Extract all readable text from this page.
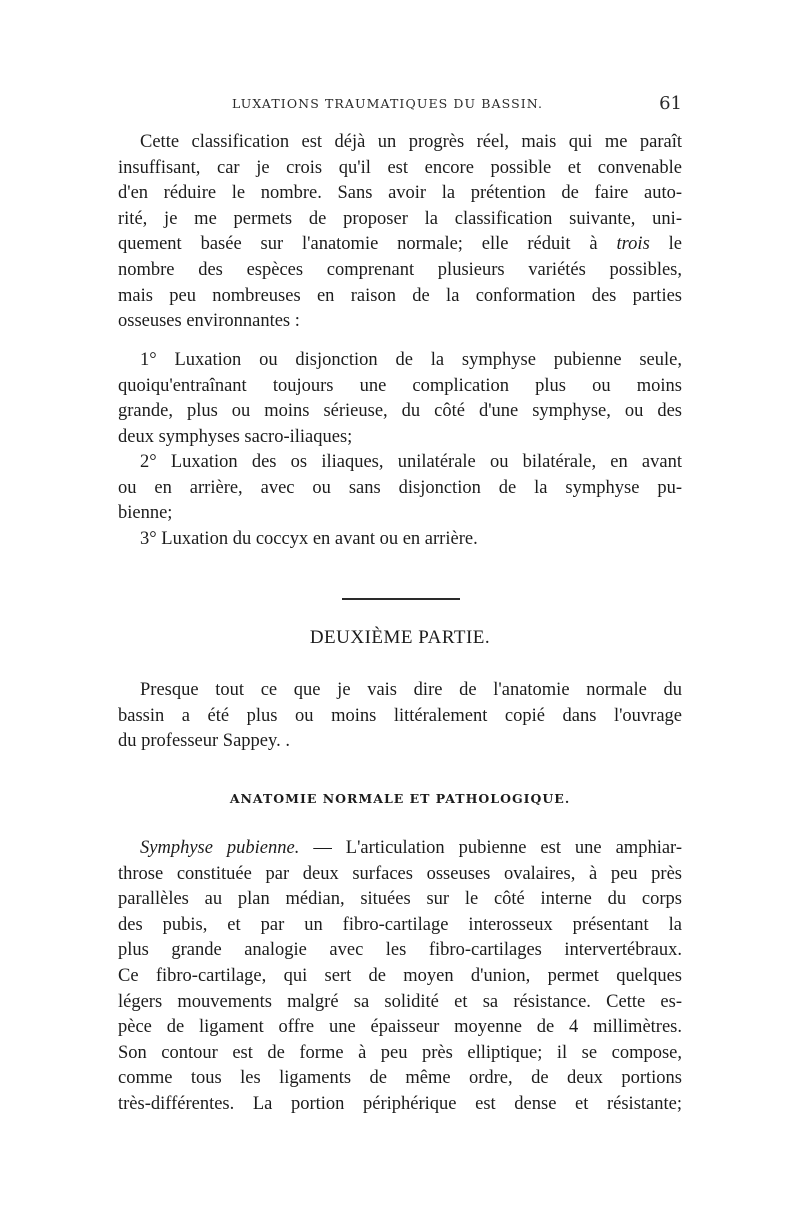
LUXATIONS TRAUMATIQUES DU BASSIN.	61
Cette classification est déjà un progrès réel, mais qui me paraît
insuffisant, car je crois qu'il est encore possible et convenable
d'en réduire le nombre. Sans avoir la prétention de faire auto-
rité, je me permets de proposer la classification suivante, uni-
quement basée sur l'anatomie normale; elle réduit à trois le
nombre des espèces comprenant plusieurs variétés possibles,
mais peu nombreuses en raison de la conformation des parties
osseuses environnantes :
1° Luxation ou disjonction de la symphyse pubienne seule,
quoiqu'entraînant toujours une complication plus ou moins
grande, plus ou moins sérieuse, du côté d'une symphyse, ou des
deux symphyses sacro-iliaques;
2° Luxation des os iliaques, unilatérale ou bilatérale, en avant
ou en arrière, avec ou sans disjonction de la symphyse pu-
bienne;
3° Luxation du coccyx en avant ou en arrière.
DEUXIÈME PARTIE.
Presque tout ce que je vais dire de l'anatomie normale du
bassin a été plus ou moins littéralement copié dans l'ouvrage
du professeur Sappey. .
ANATOMIE NORMALE ET PATHOLOGIQUE.
Symphyse pubienne. — L'articulation pubienne est une amphiar-
throse constituée par deux surfaces osseuses ovalaires, à peu près
parallèles au plan médian, situées sur le côté interne du corps
des pubis, et par un fibro-cartilage interosseux présentant la
plus grande analogie avec les fibro-cartilages intervertébraux.
Ce fibro-cartilage, qui sert de moyen d'union, permet quelques
légers mouvements malgré sa solidité et sa résistance. Cette es-
pèce de ligament offre une épaisseur moyenne de 4 millimètres.
Son contour est de forme à peu près elliptique; il se compose,
comme tous les ligaments de même ordre, de deux portions
très-différentes. La portion périphérique est dense et résistante;
